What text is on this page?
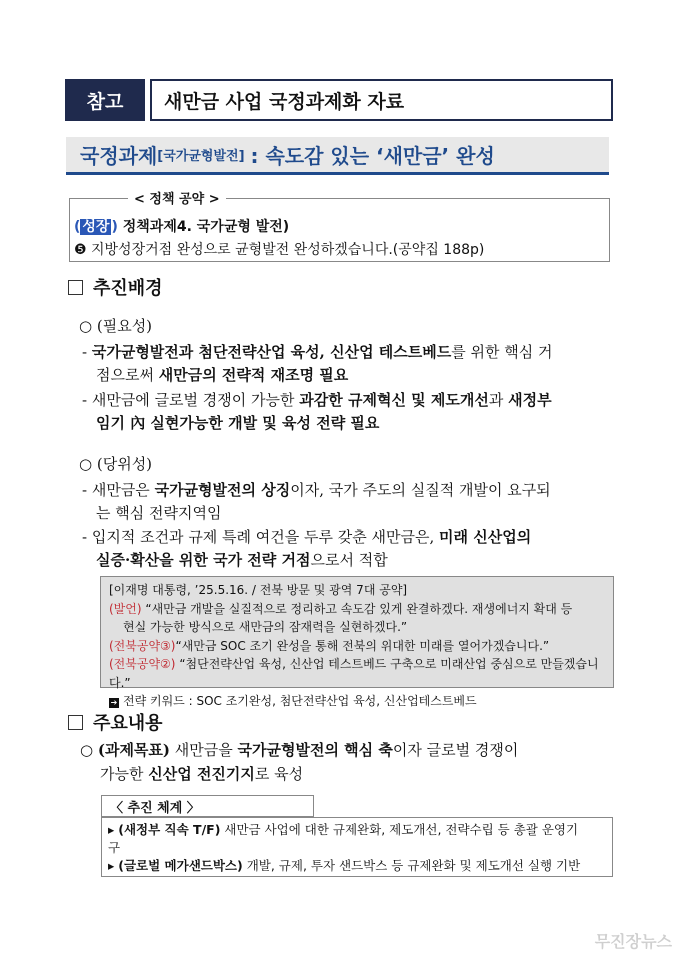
참고	새만금 사업 국정과제화 자료
국정과제 [국가균형발전] : 속도감 있는 ‘새만금’ 완성
< 정책 공약 >
( 성장 ) 정책과제4. 국가균형 발전)
❺ 지방성장거점 완성으로 균형발전 완성하겠습니다.(공약집 188p)
추진배경
○ (필요성)
- 국가균형발전과 첨단전략산업 육성, 신산업 테스트베드를 위한 핵심 거
점으로써 새만금의 전략적 재조명 필요
- 새만금에 글로벌 경쟁이 가능한 과감한 규제혁신 및 제도개선과 새정부
임기 內 실현가능한 개발 및 육성 전략 필요
○ (당위성)
- 새만금은 국가균형발전의 상징이자, 국가 주도의 실질적 개발이 요구되
는 핵심 전략지역임
- 입지적 조건과 규제 특례 여건을 두루 갖춘 새만금은, 미래 신산업의
실증·확산을 위한 국가 전략 거점으로서 적합
[이재명 대통령, ’25.5.16. / 전북 방문 및 광역 7대 공약]
(발언) “새만금 개발을 실질적으로 정리하고 속도감 있게 완결하겠다. 재생에너지 확대 등
현실 가능한 방식으로 새만금의 잠재력을 실현하겠다.”
(전북공약③)“새만금 SOC 조기 완성을 통해 전북의 위대한 미래를 열어가겠습니다.”
(전북공약②) “첨단전략산업 육성, 신산업 테스트베드 구축으로 미래산업 중심으로 만들겠습니다.”
➔ 전략 키워드 : SOC 조기완성, 첨단전략산업 육성, 신산업테스트베드
주요내용
○ (과제목표) 새만금을 국가균형발전의 핵심 축이자 글로벌 경쟁이
가능한 신산업 전진기지로 육성
〈 추진 체계 〉
▸ (새정부 직속 T/F) 새만금 사업에 대한 규제완화, 제도개선, 전략수립 등 총괄 운영기
구
▸ (글로벌 메가샌드박스) 개발, 규제, 투자 샌드박스 등 규제완화 및 제도개선 실행 기반
무진장뉴스
